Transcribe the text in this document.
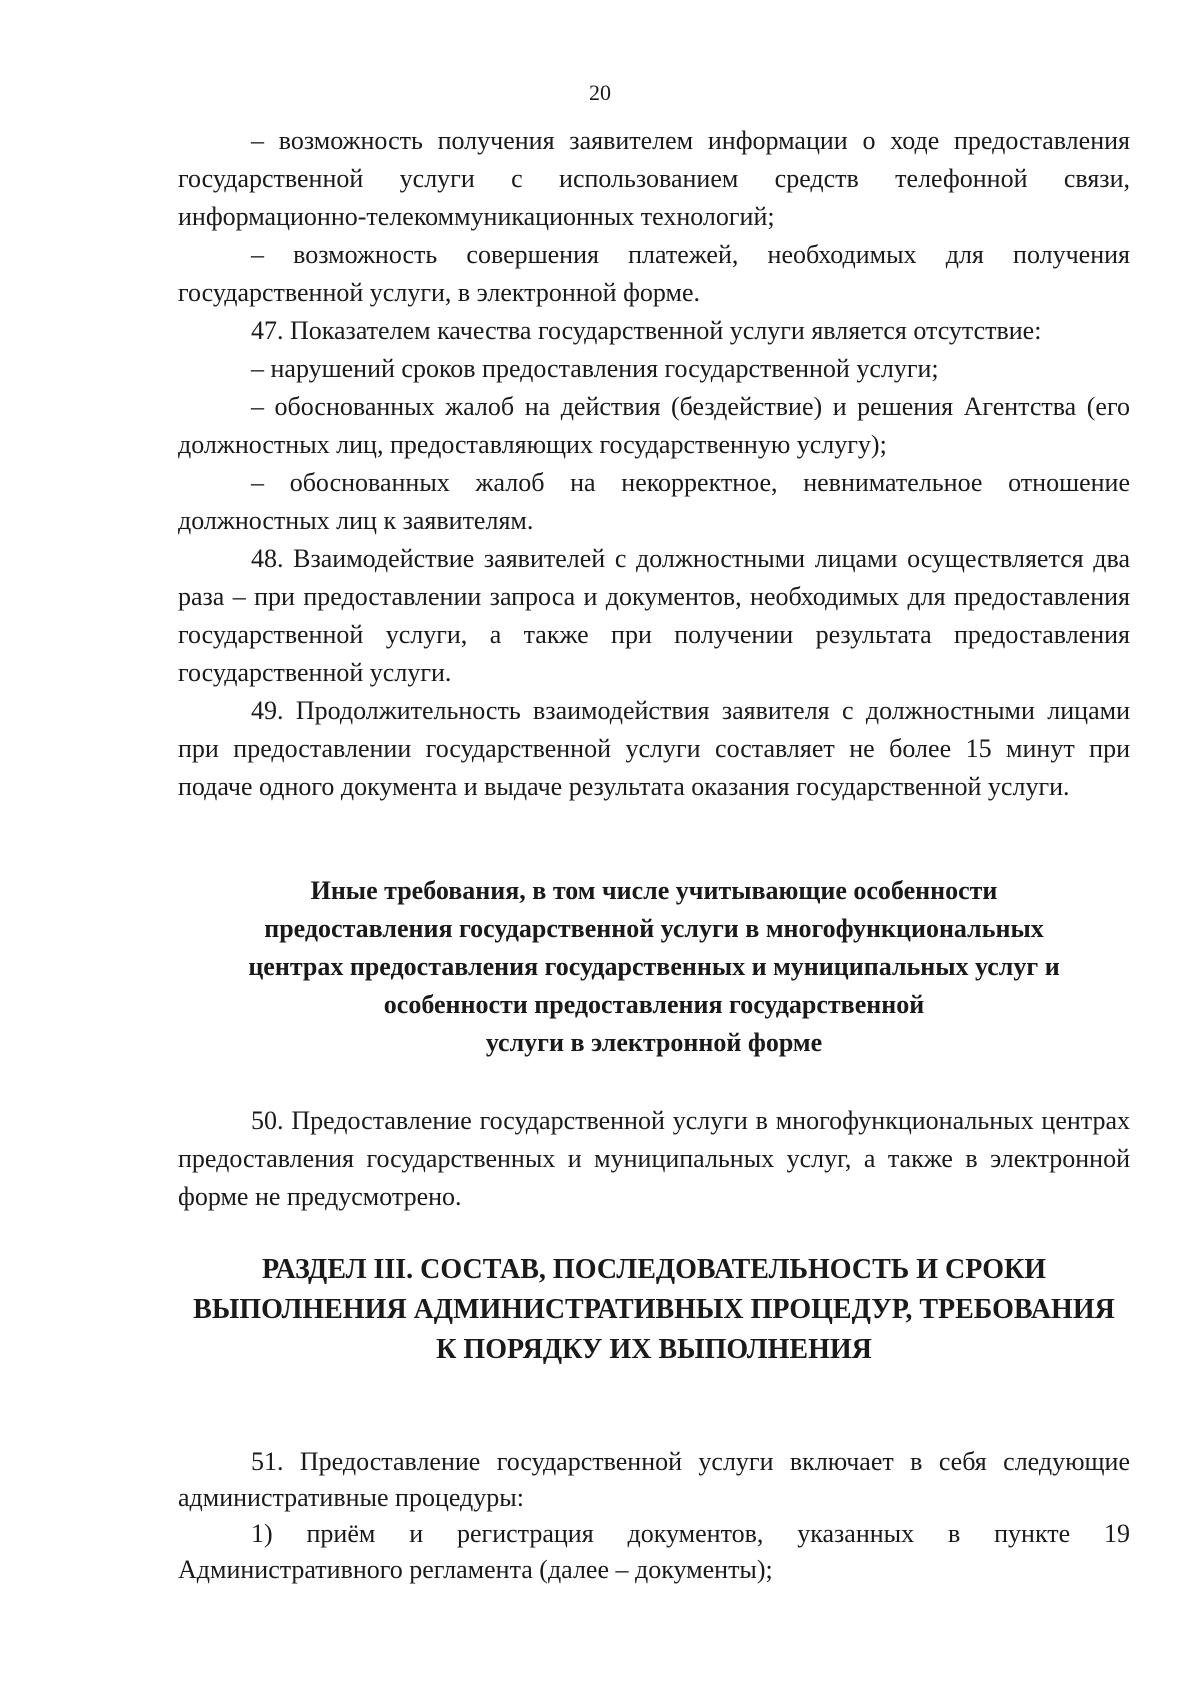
20

– возможность получения заявителем информации о ходе предоставления государственной услуги с использованием средств телефонной связи, информационно-телекоммуникационных технологий;

– возможность совершения платежей, необходимых для получения государственной услуги, в электронной форме.

47. Показателем качества государственной услуги является отсутствие:

– нарушений сроков предоставления государственной услуги;

– обоснованных жалоб на действия (бездействие) и решения Агентства (его должностных лиц, предоставляющих государственную услугу);

– обоснованных жалоб на некорректное, невнимательное отношение должностных лиц к заявителям.

48. Взаимодействие заявителей с должностными лицами осуществляется два раза – при предоставлении запроса и документов, необходимых для предоставления государственной услуги, а также при получении результата предоставления государственной услуги.

49. Продолжительность взаимодействия заявителя с должностными лицами при предоставлении государственной услуги составляет не более 15 минут при подаче одного документа и выдаче результата оказания государственной услуги.

Иные требования, в том числе учитывающие особенности
предоставления государственной услуги в многофункциональных
центрах предоставления государственных и муниципальных услуг и
особенности предоставления государственной
услуги в электронной форме

50. Предоставление государственной услуги в многофункциональных центрах предоставления государственных и муниципальных услуг, а также в электронной форме не предусмотрено.

РАЗДЕЛ III. СОСТАВ, ПОСЛЕДОВАТЕЛЬНОСТЬ И СРОКИ
ВЫПОЛНЕНИЯ АДМИНИСТРАТИВНЫХ ПРОЦЕДУР, ТРЕБОВАНИЯ
К ПОРЯДКУ ИХ ВЫПОЛНЕНИЯ

51. Предоставление государственной услуги включает в себя следующие административные процедуры:

1) приём и регистрация документов, указанных в пункте 19 Административного регламента (далее – документы);
